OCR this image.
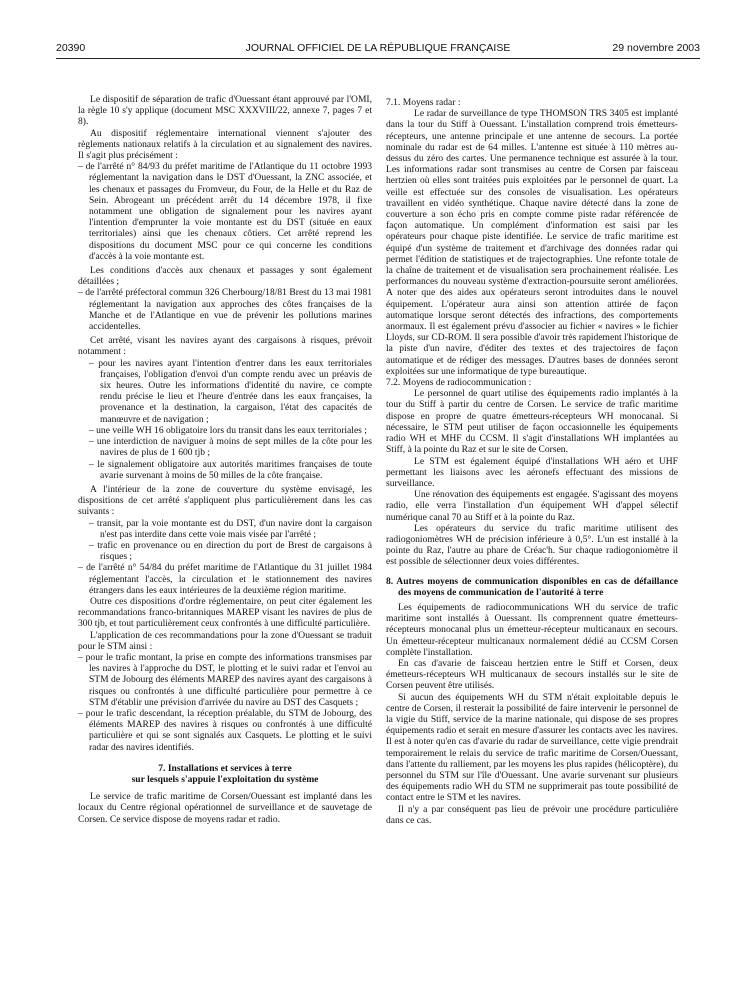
20390	JOURNAL OFFICIEL DE LA RÉPUBLIQUE FRANÇAISE	29 novembre 2003

Le dispositif de séparation de trafic d'Ouessant étant approuvé par l'OMI, la règle 10 s'y applique (document MSC XXXVIII/22, annexe 7, pages 7 et 8).

Au dispositif réglementaire international viennent s'ajouter des règlements nationaux relatifs à la circulation et au signalement des navires. Il s'agit plus précisément :

– de l'arrêté n° 84/93 du préfet maritime de l'Atlantique du 11 octobre 1993 réglementant la navigation dans le DST d'Ouessant, la ZNC associée, et les chenaux et passages du Fromveur, du Four, de la Helle et du Raz de Sein. Abrogeant un précédent arrêt du 14 décembre 1978, il fixe notamment une obligation de signalement pour les navires ayant l'intention d'emprunter la voie montante est du DST (située en eaux territoriales) ainsi que les chenaux côtiers. Cet arrêté reprend les dispositions du document MSC pour ce qui concerne les conditions d'accès à la voie montante est.

Les conditions d'accès aux chenaux et passages y sont également détaillées ;

– de l'arrêté préfectoral commun 326 Cherbourg/18/81 Brest du 13 mai 1981 réglementant la navigation aux approches des côtes françaises de la Manche et de l'Atlantique en vue de prévenir les pollutions marines accidentelles.

Cet arrêté, visant les navires ayant des cargaisons à risques, prévoit notamment :

– pour les navires ayant l'intention d'entrer dans les eaux territoriales françaises, l'obligation d'envoi d'un compte rendu avec un préavis de six heures. Outre les informations d'identité du navire, ce compte rendu précise le lieu et l'heure d'entrée dans les eaux françaises, la provenance et la destination, la cargaison, l'état des capacités de manœuvre et de navigation ;

– une veille WH 16 obligatoire lors du transit dans les eaux territoriales ;

– une interdiction de naviguer à moins de sept milles de la côte pour les navires de plus de 1 600 tjb ;

– le signalement obligatoire aux autorités maritimes françaises de toute avarie survenant à moins de 50 milles de la côte française.

A l'intérieur de la zone de couverture du système envisagé, les dispositions de cet arrêté s'appliquent plus particulièrement dans les cas suivants :

– transit, par la voie montante est du DST, d'un navire dont la cargaison n'est pas interdite dans cette voie mais visée par l'arrêté ;

– trafic en provenance ou en direction du port de Brest de cargaisons à risques ;

– de l'arrêté n° 54/84 du préfet maritime de l'Atlantique du 31 juillet 1984 réglementant l'accès, la circulation et le stationnement des navires étrangers dans les eaux intérieures de la deuxième région maritime.

Outre ces dispositions d'ordre réglementaire, on peut citer également les recommandations franco-britanniques MAREP visant les navires de plus de 300 tjb, et tout particulièrement ceux confrontés à une difficulté particulière.

L'application de ces recommandations pour la zone d'Ouessant se traduit pour le STM ainsi :

– pour le trafic montant, la prise en compte des informations transmises par les navires à l'approche du DST, le plotting et le suivi radar et l'envoi au STM de Jobourg des éléments MAREP des navires ayant des cargaisons à risques ou confrontés à une difficulté particulière pour permettre à ce STM d'établir une prévision d'arrivée du navire au DST des Casquets ;

– pour le trafic descendant, la réception préalable, du STM de Jobourg, des éléments MAREP des navires à risques ou confrontés à une difficulté particulière et qui se sont signalés aux Casquets. Le plotting et le suivi radar des navires identifiés.

7. Installations et services à terre
sur lesquels s'appuie l'exploitation du système

Le service de trafic maritime de Corsen/Ouessant est implanté dans les locaux du Centre régional opérationnel de surveillance et de sauvetage de Corsen. Ce service dispose de moyens radar et radio.

7.1. Moyens radar :

Le radar de surveillance de type THOMSON TRS 3405 est implanté dans la tour du Stiff à Ouessant. L'installation comprend trois émetteurs-récepteurs, une antenne principale et une antenne de secours. La portée nominale du radar est de 64 milles. L'antenne est située à 110 mètres au-dessus du zéro des cartes. Une permanence technique est assurée à la tour. Les informations radar sont transmises au centre de Corsen par faisceau hertzien où elles sont traitées puis exploitées par le personnel de quart. La veille est effectuée sur des consoles de visualisation. Les opérateurs travaillent en vidéo synthétique. Chaque navire détecté dans la zone de couverture a son écho pris en compte comme piste radar référencée de façon automatique. Un complément d'information est saisi par les opérateurs pour chaque piste identifiée. Le service de trafic maritime est équipé d'un système de traitement et d'archivage des données radar qui permet l'édition de statistiques et de trajectographies. Une refonte totale de la chaîne de traitement et de visualisation sera prochainement réalisée. Les performances du nouveau système d'extraction-poursuite seront améliorées. A noter que des aides aux opérateurs seront introduites dans le nouvel équipement. L'opérateur aura ainsi son attention attirée de façon automatique lorsque seront détectés des infractions, des comportements anormaux. Il est également prévu d'associer au fichier « navires » le fichier Lloyds, sur CD-ROM. Il sera possible d'avoir très rapidement l'historique de la piste d'un navire, d'éditer des textes et des trajectoires de façon automatique et de rédiger des messages. D'autres bases de données seront exploitées sur une informatique de type bureautique.

7.2. Moyens de radiocommunication :

Le personnel de quart utilise des équipements radio implantés à la tour du Stiff à partir du centre de Corsen. Le service de trafic maritime dispose en propre de quatre émetteurs-récepteurs WH monocanal. Si nécessaire, le STM peut utiliser de façon occasionnelle les équipements radio WH et MHF du CCSM. Il s'agit d'installations WH implantées au Stiff, à la pointe du Raz et sur le site de Corsen.

Le STM est également équipé d'installations WH aéro et UHF permettant les liaisons avec les aéronefs effectuant des missions de surveillance.

Une rénovation des équipements est engagée. S'agissant des moyens radio, elle verra l'installation d'un équipement WH d'appel sélectif numérique canal 70 au Stiff et à la pointe du Raz.

Les opérateurs du service du trafic maritime utilisent des radiogoniomètres WH de précision inférieure à 0,5°. L'un est installé à la pointe du Raz, l'autre au phare de Créac'h. Sur chaque radiogoniomètre il est possible de sélectionner deux voies différentes.

8. Autres moyens de communication disponibles en cas de défaillance des moyens de communication de l'autorité à terre

Les équipements de radiocommunications WH du service de trafic maritime sont installés à Ouessant. Ils comprennent quatre émetteurs-récepteurs monocanal plus un émetteur-récepteur multicanaux en secours. Un émetteur-récepteur multicanaux normalement dédié au CCSM Corsen complète l'installation.

En cas d'avarie de faisceau hertzien entre le Stiff et Corsen, deux émetteurs-récepteurs WH multicanaux de secours installés sur le site de Corsen peuvent être utilisés.

Si aucun des équipements WH du STM n'était exploitable depuis le centre de Corsen, il resterait la possibilité de faire intervenir le personnel de la vigie du Stiff, service de la marine nationale, qui dispose de ses propres équipements radio et serait en mesure d'assurer les contacts avec les navires. Il est à noter qu'en cas d'avarie du radar de surveillance, cette vigie prendrait temporairement le relais du service de trafic maritime de Corsen/Ouessant, dans l'attente du ralliement, par les moyens les plus rapides (hélicoptère), du personnel du STM sur l'île d'Ouessant. Une avarie survenant sur plusieurs des équipements radio WH du STM ne supprimerait pas toute possibilité de contact entre le STM et les navires.

Il n'y a par conséquent pas lieu de prévoir une procédure particulière dans ce cas.
